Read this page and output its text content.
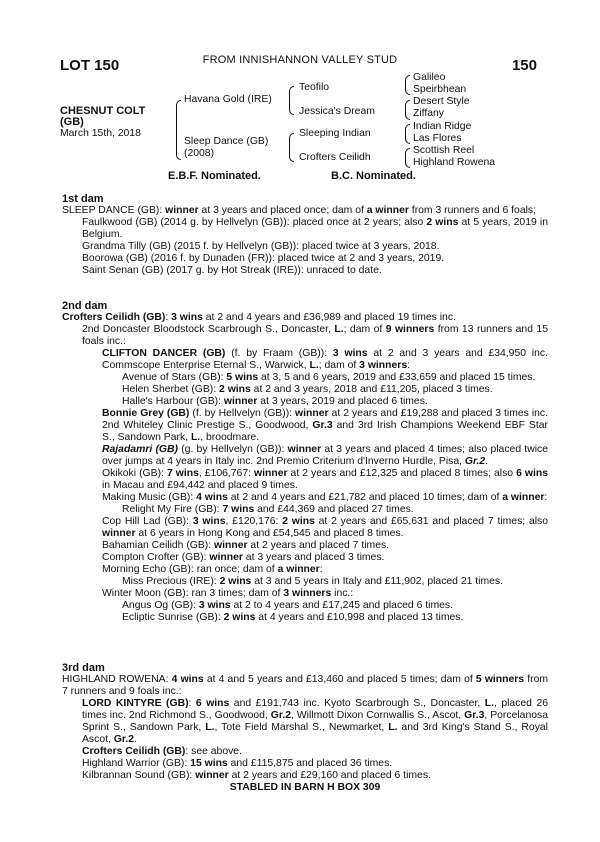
FROM INNISHANNON VALLEY STUD
LOT 150	150
CHESNUT COLT
(GB)
March 15th, 2018
Havana Gold (IRE)
Sleep Dance (GB)
(2008)
Teofilo
Jessica's Dream
Sleeping Indian
Crofters Ceilidh
Galileo
Speirbhean
Desert Style
Ziffany
Indian Ridge
Las Flores
Scottish Reel
Highland Rowena
E.B.F. Nominated.	B.C. Nominated.
1st dam
SLEEP DANCE (GB): winner at 3 years and placed once; dam of a winner from 3 runners and 6 foals;
Faulkwood (GB) (2014 g. by Hellvelyn (GB)): placed once at 2 years; also 2 wins at 5 years, 2019 in Belgium.
Grandma Tilly (GB) (2015 f. by Hellvelyn (GB)): placed twice at 3 years, 2018.
Boorowa (GB) (2016 f. by Dunaden (FR)): placed twice at 2 and 3 years, 2019.
Saint Senan (GB) (2017 g. by Hot Streak (IRE)): unraced to date.
2nd dam
Crofters Ceilidh (GB): 3 wins at 2 and 4 years and £36,989 and placed 19 times inc.
2nd Doncaster Bloodstock Scarbrough S., Doncaster, L.; dam of 9 winners from 13 runners and 15 foals inc.:
CLIFTON DANCER (GB) (f. by Fraam (GB)): 3 wins at 2 and 3 years and £34,950 inc. Commscope Enterprise Eternal S., Warwick, L.; dam of 3 winners:
Avenue of Stars (GB): 5 wins at 3, 5 and 6 years, 2019 and £33,659 and placed 15 times.
Helen Sherbet (GB): 2 wins at 2 and 3 years, 2018 and £11,205, placed 3 times.
Halle's Harbour (GB): winner at 3 years, 2019 and placed 6 times.
Bonnie Grey (GB) (f. by Hellvelyn (GB)): winner at 2 years and £19,288 and placed 3 times inc. 2nd Whiteley Clinic Prestige S., Goodwood, Gr.3 and 3rd Irish Champions Weekend EBF Star S., Sandown Park, L., broodmare.
Rajadamri (GB) (g. by Hellvelyn (GB)): winner at 3 years and placed 4 times; also placed twice over jumps at 4 years in Italy inc. 2nd Premio Criterium d'Inverno Hurdle, Pisa, Gr.2.
Okikoki (GB): 7 wins, £106,767: winner at 2 years and £12,325 and placed 8 times; also 6 wins in Macau and £94,442 and placed 9 times.
Making Music (GB): 4 wins at 2 and 4 years and £21,782 and placed 10 times; dam of a winner:
Relight My Fire (GB): 7 wins and £44,369 and placed 27 times.
Cop Hill Lad (GB): 3 wins, £120,176: 2 wins at 2 years and £65,631 and placed 7 times; also winner at 6 years in Hong Kong and £54,545 and placed 8 times.
Bahamian Ceilidh (GB): winner at 2 years and placed 7 times.
Compton Crofter (GB): winner at 3 years and placed 3 times.
Morning Echo (GB): ran once; dam of a winner:
Miss Precious (IRE): 2 wins at 3 and 5 years in Italy and £11,902, placed 21 times.
Winter Moon (GB): ran 3 times; dam of 3 winners inc.:
Angus Og (GB): 3 wins at 2 to 4 years and £17,245 and placed 6 times.
Ecliptic Sunrise (GB): 2 wins at 4 years and £10,998 and placed 13 times.
3rd dam
HIGHLAND ROWENA: 4 wins at 4 and 5 years and £13,460 and placed 5 times; dam of 5 winners from 7 runners and 9 foals inc.:
LORD KINTYRE (GB): 6 wins and £191,743 inc. Kyoto Scarbrough S., Doncaster, L., placed 26 times inc. 2nd Richmond S., Goodwood, Gr.2, Willmott Dixon Cornwallis S., Ascot, Gr.3, Porcelanosa Sprint S., Sandown Park, L., Tote Field Marshal S., Newmarket, L. and 3rd King's Stand S., Royal Ascot, Gr.2.
Crofters Ceilidh (GB): see above.
Highland Warrior (GB): 15 wins and £115,875 and placed 36 times.
Kilbrannan Sound (GB): winner at 2 years and £29,160 and placed 6 times.
STABLED IN BARN H BOX 309
